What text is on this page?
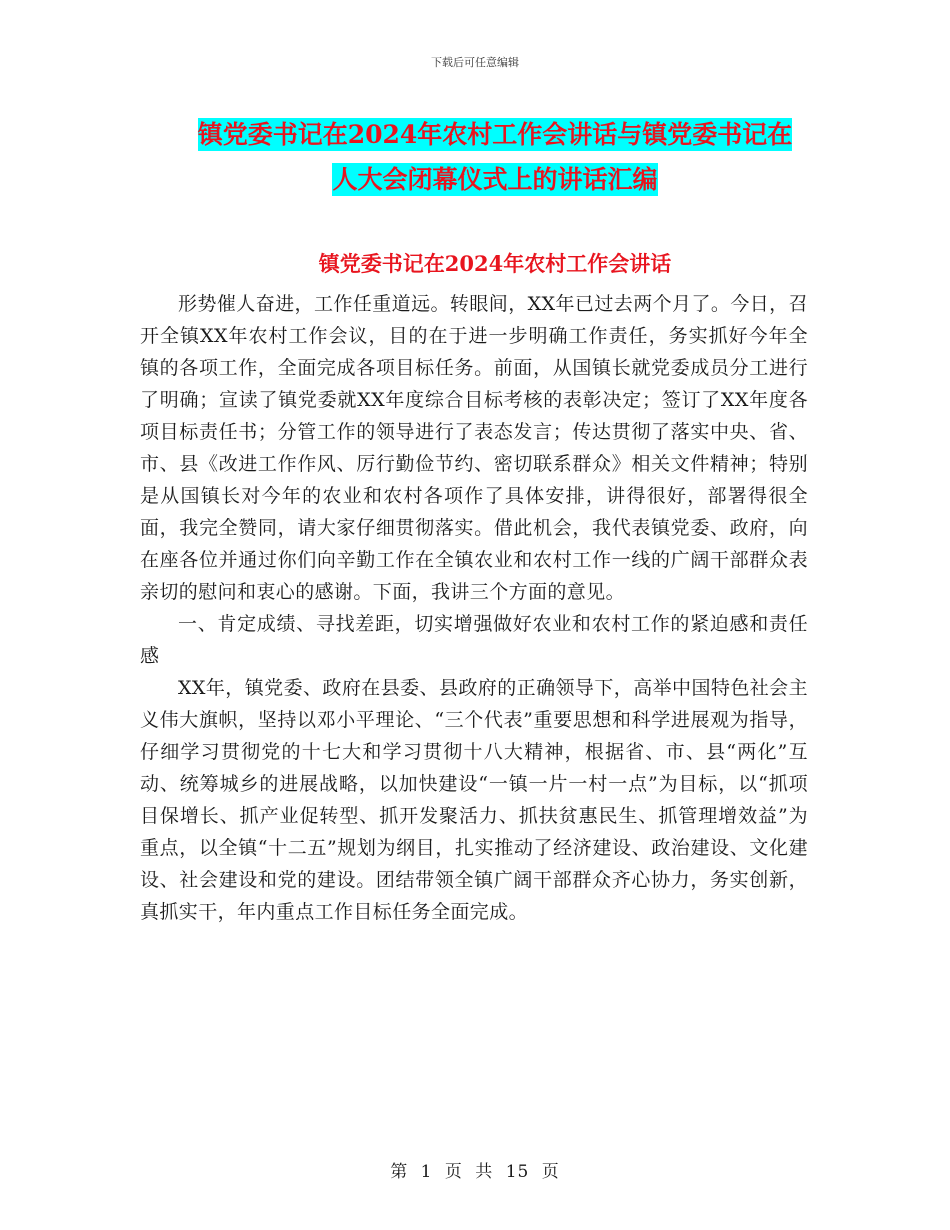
下载后可任意编辑
镇党委书记在2024年农村工作会讲话与镇党委书记在
人大会闭幕仪式上的讲话汇编
镇党委书记在2024年农村工作会讲话

形势催人奋进，工作任重道远。转眼间，XX年已过去两个月了。今日，召开全镇XX年农村工作会议，目的在于进一步明确工作责任，务实抓好今年全镇的各项工作，全面完成各项目标任务。前面，从国镇长就党委成员分工进行了明确；宣读了镇党委就XX年度综合目标考核的表彰决定；签订了XX年度各项目标责任书；分管工作的领导进行了表态发言；传达贯彻了落实中央、省、市、县《改进工作作风、厉行勤俭节约、密切联系群众》相关文件精神；特别是从国镇长对今年的农业和农村各项作了具体安排，讲得很好，部署得很全面，我完全赞同，请大家仔细贯彻落实。借此机会，我代表镇党委、政府，向在座各位并通过你们向辛勤工作在全镇农业和农村工作一线的广阔干部群众表亲切的慰问和衷心的感谢。下面，我讲三个方面的意见。

一、肯定成绩、寻找差距，切实增强做好农业和农村工作的紧迫感和责任感

XX年，镇党委、政府在县委、县政府的正确领导下，高举中国特色社会主义伟大旗帜，坚持以邓小平理论、“三个代表”重要思想和科学进展观为指导，仔细学习贯彻党的十七大和学习贯彻十八大精神，根据省、市、县“两化”互动、统筹城乡的进展战略，以加快建设“一镇一片一村一点”为目标，以“抓项目保增长、抓产业促转型、抓开发聚活力、抓扶贫惠民生、抓管理增效益”为重点，以全镇“十二五”规划为纲目，扎实推动了经济建设、政治建设、文化建设、社会建设和党的建设。团结带领全镇广阔干部群众齐心协力，务实创新，真抓实干，年内重点工作目标任务全面完成。

第 1 页 共 15 页
